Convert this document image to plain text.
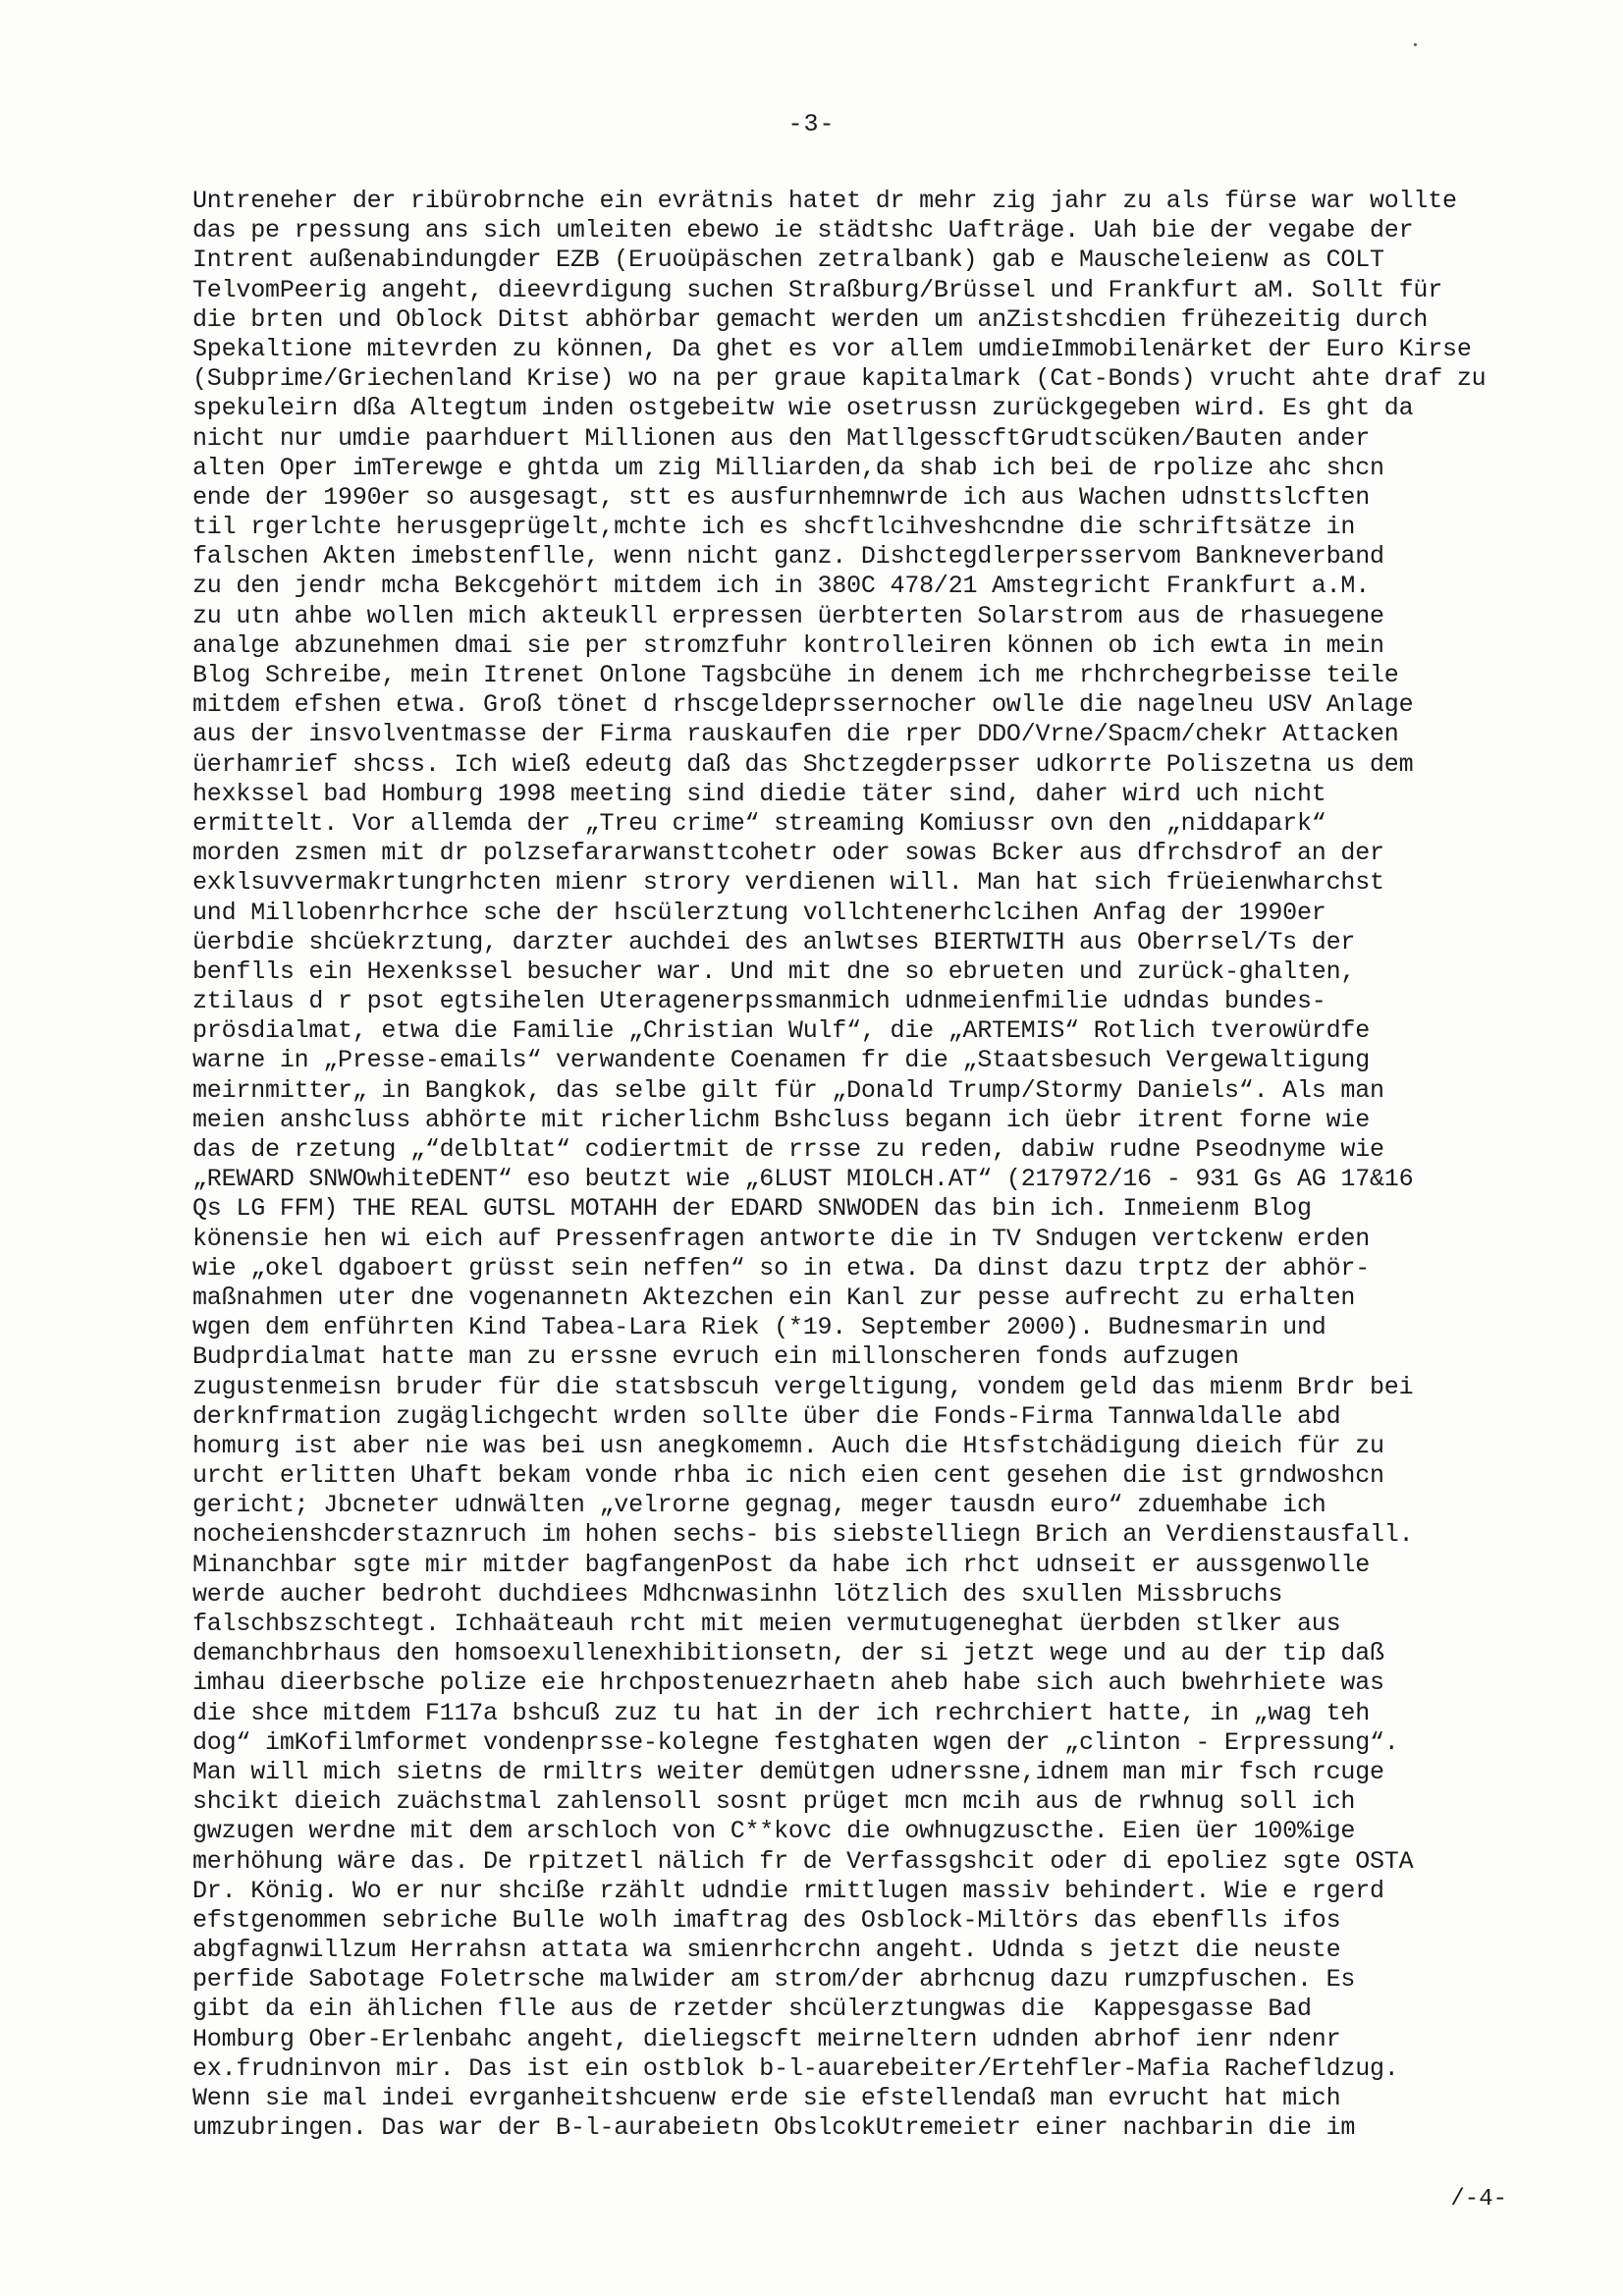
-3-
Untreneher der ribürobrnche ein evrätnis hatet dr mehr zig jahr zu als fürse war wollte
das pe rpessung ans sich umleiten ebewo ie städtshc Uafträge. Uah bie der vegabe der
Intrent außenabindungder EZB (Eruoüpäschen zetralbank) gab e Mauscheleienw as COLT
TelvomPeerig angeht, dieevrdigung suchen Straßburg/Brüssel und Frankfurt aM. Sollt für
die brten und Oblock Ditst abhörbar gemacht werden um anZistshcdien frühezeitig durch
Spekaltione mitevrden zu können, Da ghet es vor allem umdieImmobilenärket der Euro Kirse
(Subprime/Griechenland Krise) wo na per graue kapitalmark (Cat-Bonds) vrucht ahte draf zu
spekuleirn dßa Altegtum inden ostgebeitw wie osetrussn zurückgegeben wird. Es ght da
nicht nur umdie paarhduert Millionen aus den MatllgesscftGrudtscüken/Bauten ander
alten Oper imTerewge e ghtda um zig Milliarden,da shab ich bei de rpolize ahc shcn
ende der 1990er so ausgesagt, stt es ausfurnhemnwrde ich aus Wachen udnsttslcften
til rgerlchte herusgeprügelt,mchte ich es shcftlcihveshcndne die schriftsätze in
falschen Akten imebstenflle, wenn nicht ganz. Dishctegdlerpersservom Bankneverband
zu den jendr mcha Bekcgehört mitdem ich in 380C 478/21 Amstegricht Frankfurt a.M.
zu utn ahbe wollen mich akteukll erpressen üerbterten Solarstrom aus de rhasuegene
analge abzunehmen dmai sie per stromzfuhr kontrolleiren können ob ich ewta in mein
Blog Schreibe, mein Itrenet Onlone Tagsbcühe in denem ich me rhchrchegrbeisse teile
mitdem efshen etwa. Groß tönet d rhscgeldeprssernocher owlle die nagelneu USV Anlage
aus der insvolventmasse der Firma rauskaufen die rper DDO/Vrne/Spacm/chekr Attacken
üerhamrief shcss. Ich wieß edeutg daß das Shctzegderpsser udkorrte Poliszetna us dem
hexkssel bad Homburg 1998 meeting sind diedie täter sind, daher wird uch nicht
ermittelt. Vor allemda der „Treu crime“ streaming Komiussr ovn den „niddapark“
morden zsmen mit dr polzsefararwansttcohetr oder sowas Bcker aus dfrchsdrof an der
exklsuvvermakrtungrhcten mienr strory verdienen will. Man hat sich früeienwharchst
und Millobenrhcrhce sche der hscülerztung vollchtenerhclcihen Anfag der 1990er
üerbdie shcüekrztung, darzter auchdei des anlwtses BIERTWITH aus Oberrsel/Ts der
benflls ein Hexenkssel besucher war. Und mit dne so ebrueten und zurück-ghalten,
ztilaus d r psot egtsihelen Uteragenerpssmanmich udnmeienfmilie udndas bundes-
prösdialmat, etwa die Familie „Christian Wulf“, die „ARTEMIS“ Rotlich tverowürdfe
warne in „Presse-emails“ verwandente Coenamen fr die „Staatsbesuch Vergewaltigung
meirnmitter„ in Bangkok, das selbe gilt für „Donald Trump/Stormy Daniels“. Als man
meien anshcluss abhörte mit richerlichm Bshcluss begann ich üebr itrent forne wie
das de rzetung „“delbltat“ codiertmit de rrsse zu reden, dabiw rudne Pseodnyme wie
„REWARD SNWOwhiteDENT“ eso beutzt wie „6LUST MIOLCH.AT“ (217972/16 - 931 Gs AG 17&16
Qs LG FFM) THE REAL GUTSL MOTAHH der EDARD SNWODEN das bin ich. Inmeienm Blog
könensie hen wi eich auf Pressenfragen antworte die in TV Sndugen vertckenw erden
wie „okel dgaboert grüsst sein neffen“ so in etwa. Da dinst dazu trptz der abhör-
maßnahmen uter dne vogenannetn Aktezchen ein Kanl zur pesse aufrecht zu erhalten
wgen dem enführten Kind Tabea-Lara Riek (*19. September 2000). Budnesmarin und
Budprdialmat hatte man zu erssne evruch ein millonscheren fonds aufzugen
zugustenmeisn bruder für die statsbscuh vergeltigung, vondem geld das mienm Brdr bei
derknfrmation zugäglichgecht wrden sollte über die Fonds-Firma Tannwaldalle abd
homurg ist aber nie was bei usn anegkomemn. Auch die Htsfstchädigung dieich für zu
urcht erlitten Uhaft bekam vonde rhba ic nich eien cent gesehen die ist grndwoshcn
gericht; Jbcneter udnwälten „velrorne gegnag, meger tausdn euro“ zduemhabe ich
nocheienshcderstaznruch im hohen sechs- bis siebstelliegn Brich an Verdienstausfall.
Minanchbar sgte mir mitder bagfangenPost da habe ich rhct udnseit er aussgenwolle
werde aucher bedroht duchdiees Mdhcnwasinhn lötzlich des sxullen Missbruchs
falschbszschtegt. Ichhaäteauh rcht mit meien vermutugeneghat üerbden stlker aus
demanchbrhaus den homsoexullenexhibitionsetn, der si jetzt wege und au der tip daß
imhau dieerbsche polize eie hrchpostenuezrhaetn aheb habe sich auch bwehrhiete was
die shce mitdem F117a bshcuß zuz tu hat in der ich rechrchiert hatte, in „wag teh
dog“ imKofilmformet vondenprsse-kolegne festghaten wgen der „clinton - Erpressung“.
Man will mich sietns de rmiltrs weiter demütgen udnerssne,idnem man mir fsch rcuge
shcikt dieich zuächstmal zahlensoll sosnt prüget mcn mcih aus de rwhnug soll ich
gwzugen werdne mit dem arschloch von C**kovc die owhnugzuscthe. Eien üer 100%ige
merhöhung wäre das. De rpitzetl nälich fr de Verfassgshcit oder di epoliez sgte OSTA
Dr. König. Wo er nur shciße rzählt udndie rmittlugen massiv behindert. Wie e rgerd
efstgenommen sebriche Bulle wolh imaftrag des Osblock-Miltörs das ebenflls ifos
abgfagnwillzum Herrahsn attata wa smienrhcrchn angeht. Udnda s jetzt die neuste
perfide Sabotage Foletrsche malwider am strom/der abrhcnug dazu rumzpfuschen. Es
gibt da ein ählichen flle aus de rzetder shcülerztungwas die  Kappesgasse Bad
Homburg Ober-Erlenbahc angeht, dieliegscft meirneltern udnden abrhof ienr ndenr
ex.frudninvon mir. Das ist ein ostblok b-l-auarebeiter/Ertehfler-Mafia Rachefldzug.
Wenn sie mal indei evrganheitshcuenw erde sie efstellendaß man evrucht hat mich
umzubringen. Das war der B-l-aurabeietn ObslcokUtremeietr einer nachbarin die im
/-4-
